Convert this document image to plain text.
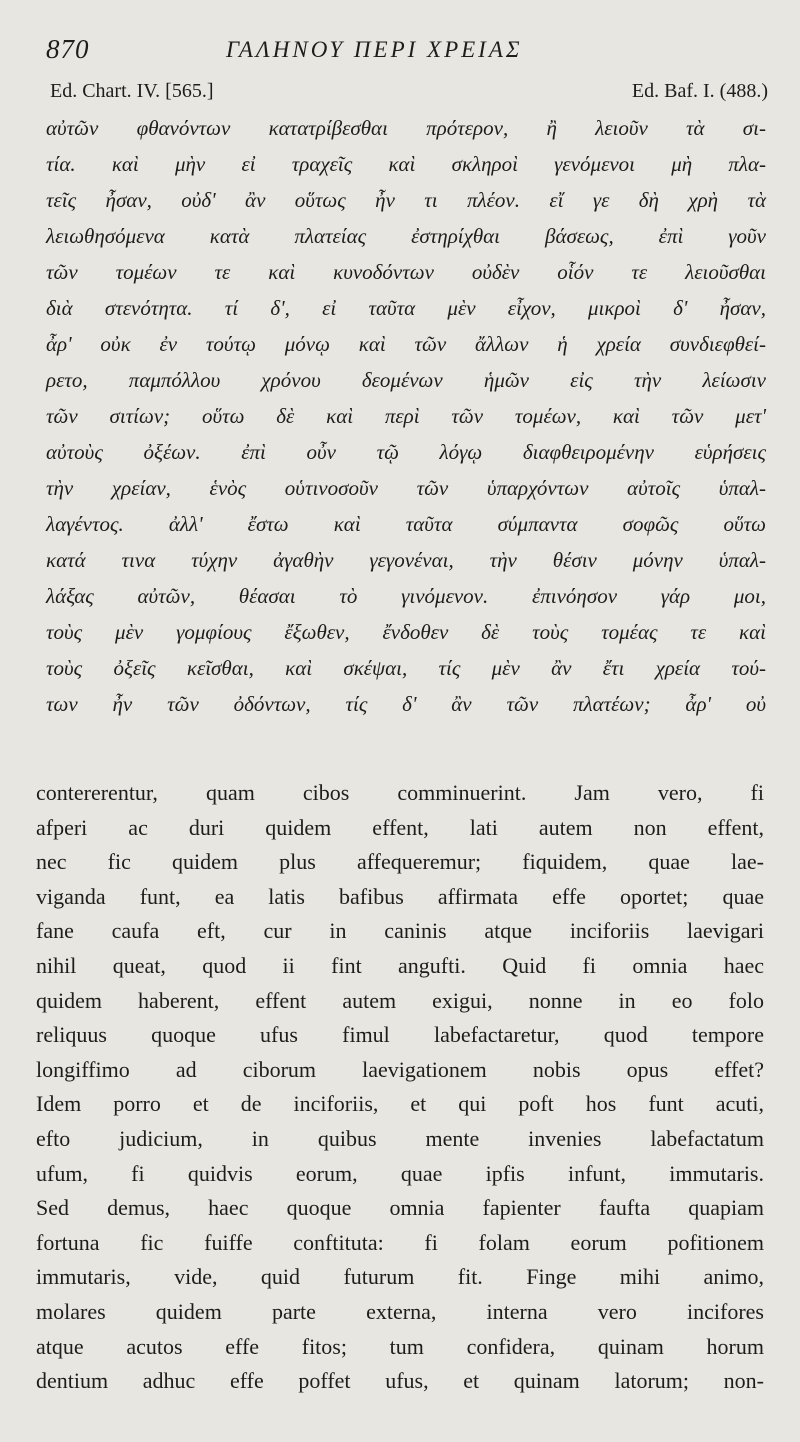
870	ΓΑΛΗΝΟΥ ΠΕΡΙ ΧΡΕΙΑΣ
Ed. Chart. IV. [565.]	Ed. Baf. I. (488.)
αὐτῶν φθανόντων κατατρίβεσθαι πρότερον, ἢ λειοῦν τὰ σι-
τία. καὶ μὴν εἰ τραχεῖς καὶ σκληροὶ γενόμενοι μὴ πλα-
τεῖς ἦσαν, οὐδ' ἂν οὕτως ἦν τι πλέον. εἴ γε δὴ χρὴ τὰ
λειωθησόμενα κατὰ πλατείας ἐστηρίχθαι βάσεως, ἐπὶ γοῦν
τῶν τομέων τε καὶ κυνοδόντων οὐδὲν οἷόν τε λειοῦσθαι
διὰ στενότητα. τί δ', εἰ ταῦτα μὲν εἶχον, μικροὶ δ' ἦσαν,
ἆρ' οὐκ ἐν τούτῳ μόνῳ καὶ τῶν ἄλλων ἡ χρεία συνδιεφθεί-
ρετο, παμπόλλου χρόνου δεομένων ἡμῶν εἰς τὴν λείωσιν
τῶν σιτίων; οὕτω δὲ καὶ περὶ τῶν τομέων, καὶ τῶν μετ'
αὐτοὺς ὀξέων. ἐπὶ οὖν τῷ λόγῳ διαφθειρομένην εὑρήσεις
τὴν χρείαν, ἑνὸς οὑτινοσοῦν τῶν ὑπαρχόντων αὐτοῖς ὑπαλ-
λαγέντος. ἀλλ' ἔστω καὶ ταῦτα σύμπαντα σοφῶς οὕτω
κατά τινα τύχην ἀγαθὴν γεγονέναι, τὴν θέσιν μόνην ὑπαλ-
λάξας αὐτῶν, θέασαι τὸ γινόμενον. ἐπινόησον γάρ μοι,
τοὺς μὲν γομφίους ἔξωθεν, ἔνδοθεν δὲ τοὺς τομέας τε καὶ
τοὺς ὀξεῖς κεῖσθαι, καὶ σκέψαι, τίς μὲν ἂν ἔτι χρεία τού-
των ἦν τῶν ὀδόντων, τίς δ' ἂν τῶν πλατέων; ἆρ' οὐ
contererentur, quam cibos comminuerint. Jam vero, fi
afperi ac duri quidem effent, lati autem non effent,
nec fic quidem plus affequeremur; fiquidem, quae lae-
viganda funt, ea latis bafibus affirmata effe oportet; quae
fane caufa eft, cur in caninis atque inciforiis laevigari
nihil queat, quod ii fint angufti. Quid fi omnia haec
quidem haberent, effent autem exigui, nonne in eo folo
reliquus quoque ufus fimul labefactaretur, quod tempore
longiffimo ad ciborum laevigationem nobis opus effet?
Idem porro et de inciforiis, et qui poft hos funt acuti,
efto judicium, in quibus mente invenies labefactatum
ufum, fi quidvis eorum, quae ipfis infunt, immutaris.
Sed demus, haec quoque omnia fapienter faufta quapiam
fortuna fic fuiffe conftituta: fi folam eorum pofitionem
immutaris, vide, quid futurum fit. Finge mihi animo,
molares quidem parte externa, interna vero incifores
atque acutos effe fitos; tum confidera, quinam horum
dentium adhuc effe poffet ufus, et quinam latorum; non-
